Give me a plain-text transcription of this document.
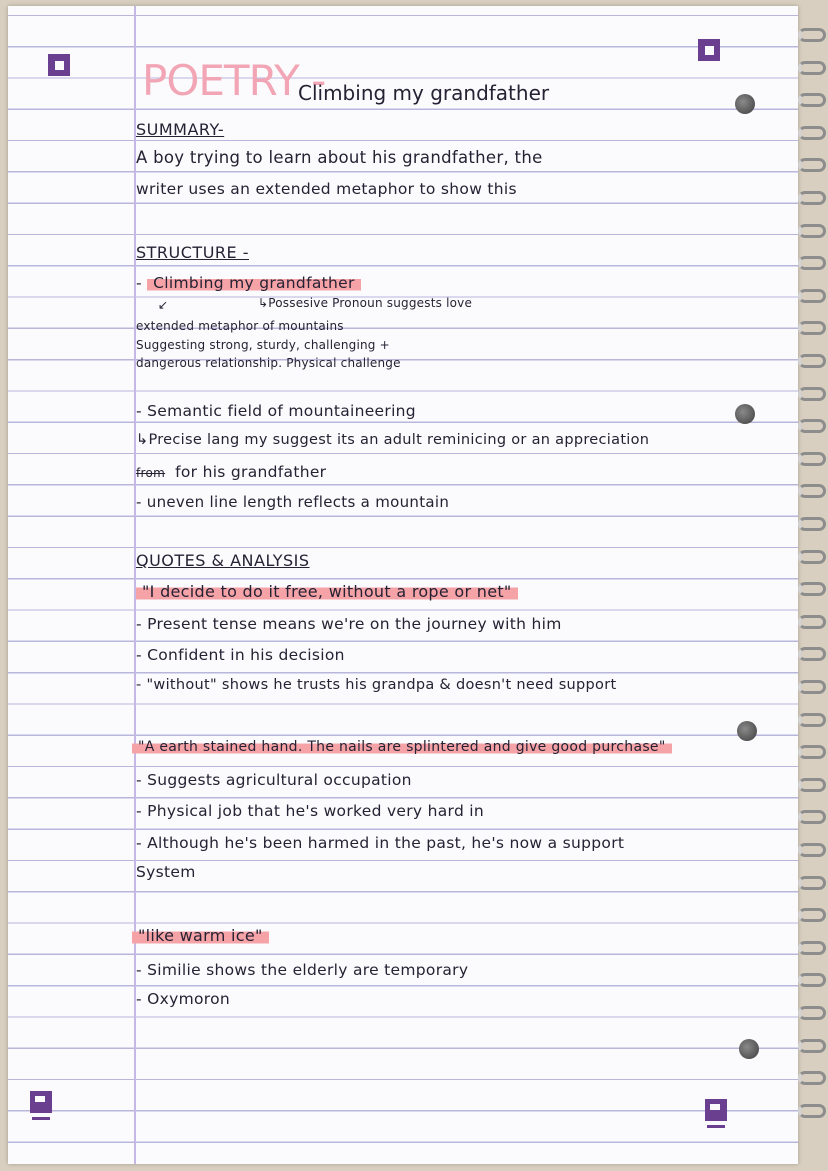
POETRY -
Climbing my grandfather
SUMMARY-
A boy trying to learn about his grandfather, the
writer uses an extended metaphor to show this
STRUCTURE -
- Climbing my grandfather
↙	↳Possesive Pronoun suggests love
extended metaphor of mountains
Suggesting strong, sturdy, challenging +
dangerous relationship. Physical challenge
- Semantic field of mountaineering
↳Precise lang my suggest its an adult reminicing or an appreciation
from for his grandfather
- uneven line length reflects a mountain
QUOTES & ANALYSIS
"I decide to do it free, without a rope or net"
- Present tense means we're on the journey with him
- Confident in his decision
- "without" shows he trusts his grandpa & doesn't need support
"A earth stained hand. The nails are splintered and give good purchase"
- Suggests agricultural occupation
- Physical job that he's worked very hard in
- Although he's been harmed in the past, he's now a support
System
"like warm ice"
- Similie shows the elderly are temporary
- Oxymoron
